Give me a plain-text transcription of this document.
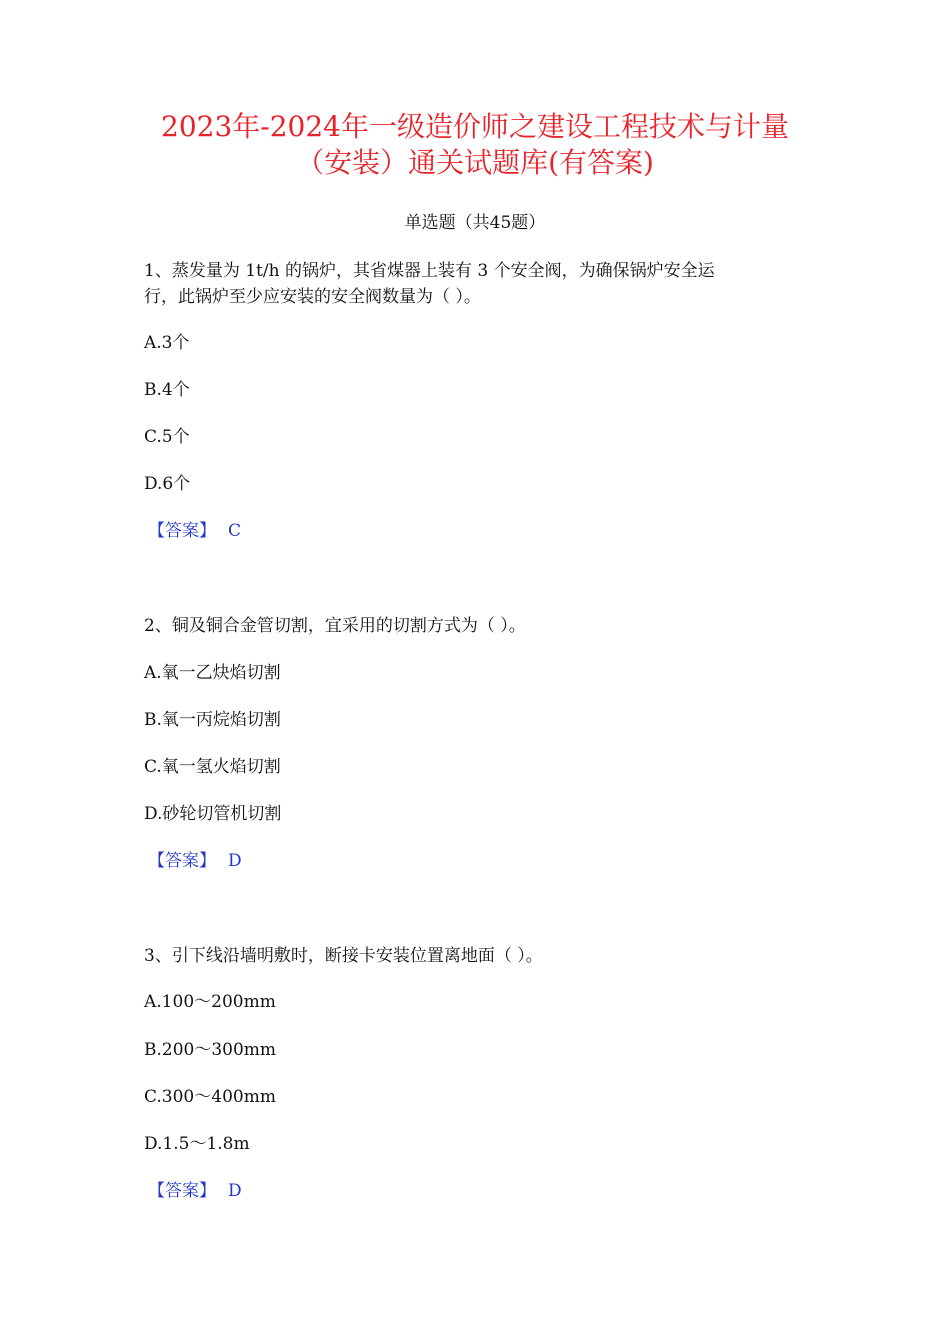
2023年-2024年一级造价师之建设工程技术与计量
（安装）通关试题库(有答案)
单选题（共45题）
1、蒸发量为 1t/h 的锅炉，其省煤器上装有 3 个安全阀，为确保锅炉安全运
行，此锅炉至少应安装的安全阀数量为（ ）。
A.3个
B.4个
C.5个
D.6个
【答案】 C
2、铜及铜合金管切割，宜采用的切割方式为（ ）。
A.氧一乙炔焰切割
B.氧一丙烷焰切割
C.氧一氢火焰切割
D.砂轮切管机切割
【答案】 D
3、引下线沿墙明敷时，断接卡安装位置离地面（ ）。
A.100～200mm
B.200～300mm
C.300～400mm
D.1.5～1.8m
【答案】 D
